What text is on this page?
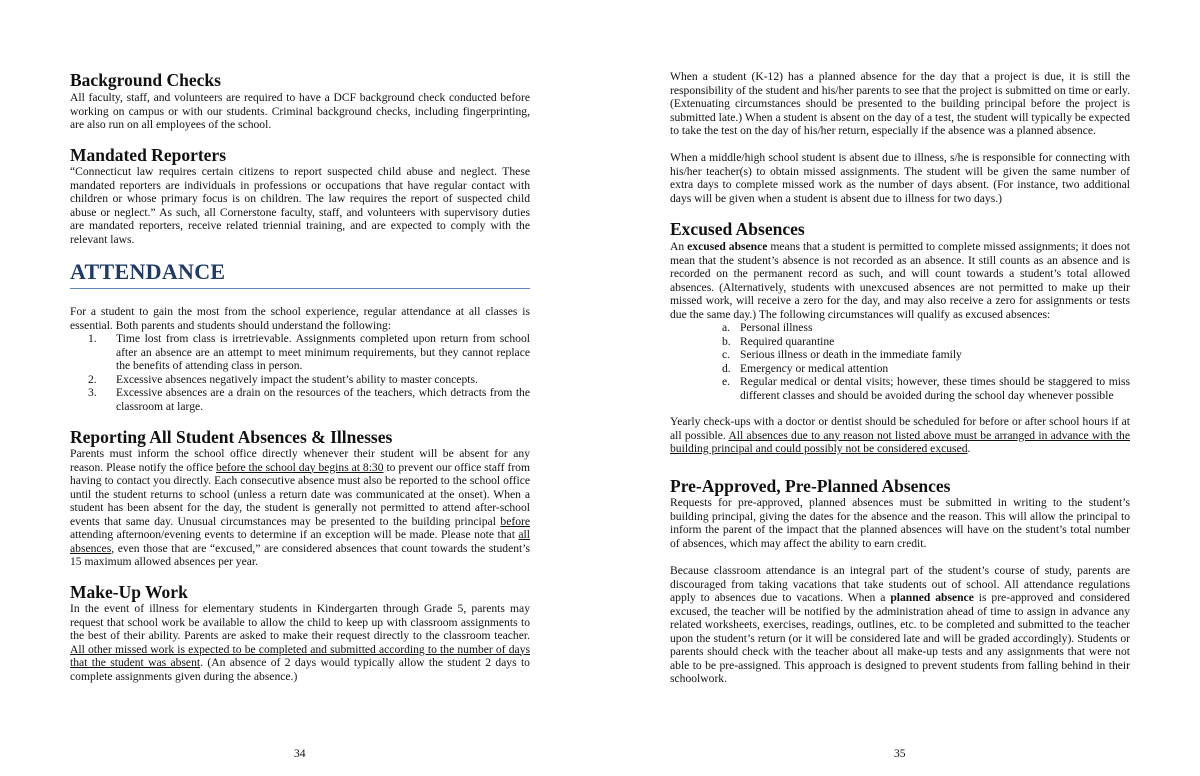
Background Checks
All faculty, staff, and volunteers are required to have a DCF background check conducted before working on campus or with our students. Criminal background checks, including fingerprinting, are also run on all employees of the school.
Mandated Reporters
“Connecticut law requires certain citizens to report suspected child abuse and neglect. These mandated reporters are individuals in professions or occupations that have regular contact with children or whose primary focus is on children. The law requires the report of suspected child abuse or neglect.” As such, all Cornerstone faculty, staff, and volunteers with supervisory duties are mandated reporters, receive related triennial training, and are expected to comply with the relevant laws.
ATTENDANCE
For a student to gain the most from the school experience, regular attendance at all classes is essential. Both parents and students should understand the following:
1.	Time lost from class is irretrievable. Assignments completed upon return from school after an absence are an attempt to meet minimum requirements, but they cannot replace the benefits of attending class in person.
2.	Excessive absences negatively impact the student’s ability to master concepts.
3.	Excessive absences are a drain on the resources of the teachers, which detracts from the classroom at large.
Reporting All Student Absences & Illnesses
Parents must inform the school office directly whenever their student will be absent for any reason. Please notify the office before the school day begins at 8:30 to prevent our office staff from having to contact you directly. Each consecutive absence must also be reported to the school office until the student returns to school (unless a return date was communicated at the onset). When a student has been absent for the day, the student is generally not permitted to attend after-school events that same day. Unusual circumstances may be presented to the building principal before attending afternoon/evening events to determine if an exception will be made. Please note that all absences, even those that are “excused,” are considered absences that count towards the student’s 15 maximum allowed absences per year.
Make-Up Work
In the event of illness for elementary students in Kindergarten through Grade 5, parents may request that school work be available to allow the child to keep up with classroom assignments to the best of their ability. Parents are asked to make their request directly to the classroom teacher. All other missed work is expected to be completed and submitted according to the number of days that the student was absent. (An absence of 2 days would typically allow the student 2 days to complete assignments given during the absence.)
34
When a student (K-12) has a planned absence for the day that a project is due, it is still the responsibility of the student and his/her parents to see that the project is submitted on time or early. (Extenuating circumstances should be presented to the building principal before the project is submitted late.) When a student is absent on the day of a test, the student will typically be expected to take the test on the day of his/her return, especially if the absence was a planned absence.
When a middle/high school student is absent due to illness, s/he is responsible for connecting with his/her teacher(s) to obtain missed assignments. The student will be given the same number of extra days to complete missed work as the number of days absent. (For instance, two additional days will be given when a student is absent due to illness for two days.)
Excused Absences
An excused absence means that a student is permitted to complete missed assignments; it does not mean that the student’s absence is not recorded as an absence. It still counts as an absence and is recorded on the permanent record as such, and will count towards a student’s total allowed absences. (Alternatively, students with unexcused absences are not permitted to make up their missed work, will receive a zero for the day, and may also receive a zero for assignments or tests due the same day.) The following circumstances will qualify as excused absences:
a. Personal illness
b. Required quarantine
c. Serious illness or death in the immediate family
d. Emergency or medical attention
e. Regular medical or dental visits; however, these times should be staggered to miss different classes and should be avoided during the school day whenever possible
Yearly check-ups with a doctor or dentist should be scheduled for before or after school hours if at all possible. All absences due to any reason not listed above must be arranged in advance with the building principal and could possibly not be considered excused.
Pre-Approved, Pre-Planned Absences
Requests for pre-approved, planned absences must be submitted in writing to the student’s building principal, giving the dates for the absence and the reason. This will allow the principal to inform the parent of the impact that the planned absences will have on the student’s total number of absences, which may affect the ability to earn credit.
Because classroom attendance is an integral part of the student’s course of study, parents are discouraged from taking vacations that take students out of school. All attendance regulations apply to absences due to vacations. When a planned absence is pre-approved and considered excused, the teacher will be notified by the administration ahead of time to assign in advance any related worksheets, exercises, readings, outlines, etc. to be completed and submitted to the teacher upon the student’s return (or it will be considered late and will be graded accordingly). Students or parents should check with the teacher about all make-up tests and any assignments that were not able to be pre-assigned. This approach is designed to prevent students from falling behind in their schoolwork.
35
